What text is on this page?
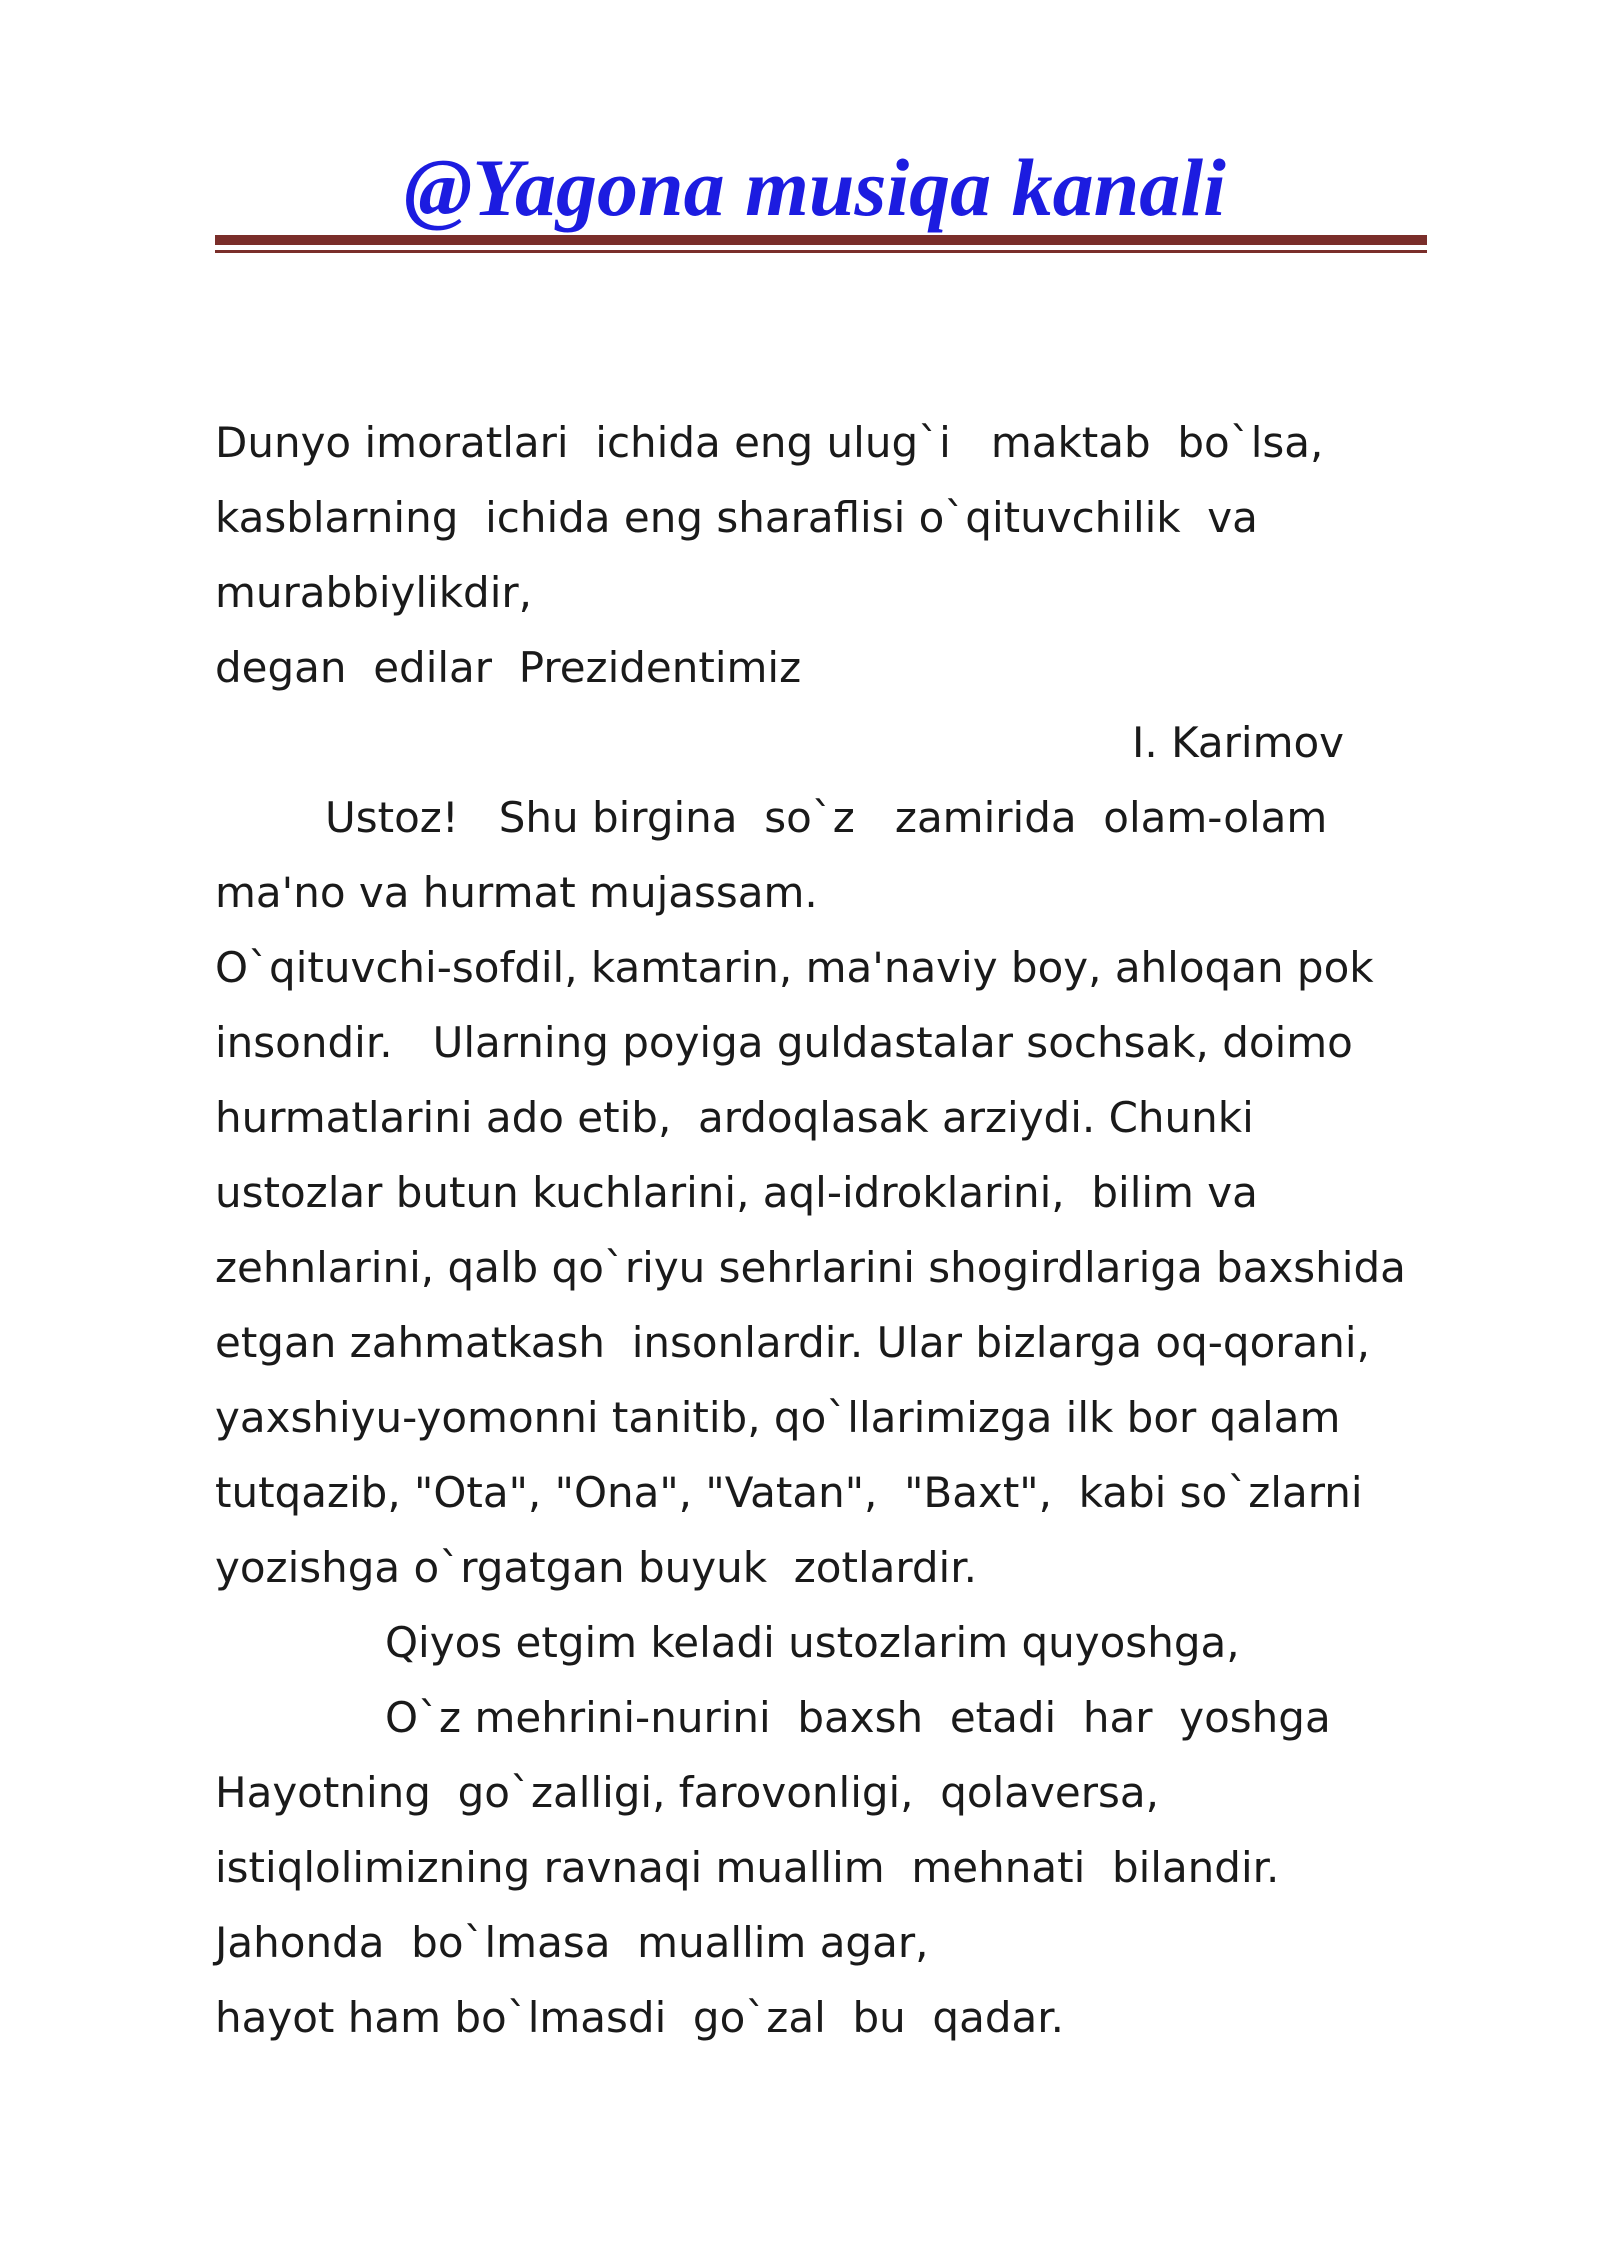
@Yagona musiqa kanali
Dunyo imoratlari  ichida eng ulug`i   maktab  bo`lsa,
kasblarning  ichida eng sharaflisi o`qituvchilik  va
murabbiylikdir,
degan  edilar  Prezidentimiz
I. Karimov
Ustoz!   Shu birgina  so`z   zamirida  olam-olam
ma'no va hurmat mujassam.
O`qituvchi-sofdil, kamtarin, ma'naviy boy, ahloqan pok
insondir.   Ularning poyiga guldastalar sochsak, doimo
hurmatlarini ado etib,  ardoqlasak arziydi. Chunki
ustozlar butun kuchlarini, aql-idroklarini,  bilim va
zehnlarini, qalb qo`riyu sehrlarini shogirdlariga baxshida
etgan zahmatkash  insonlardir. Ular bizlarga oq-qorani,
yaxshiyu-yomonni tanitib, qo`llarimizga ilk bor qalam
tutqazib, "Ota", "Ona", "Vatan",  "Baxt",  kabi so`zlarni
yozishga o`rgatgan buyuk  zotlardir.
Qiyos etgim keladi ustozlarim quyoshga,
O`z mehrini-nurini  baxsh  etadi  har  yoshga
Hayotning  go`zalligi, farovonligi,  qolaversa,
istiqlolimizning ravnaqi muallim  mehnati  bilandir.
Jahonda  bo`lmasa  muallim agar,
hayot ham bo`lmasdi  go`zal  bu  qadar.
